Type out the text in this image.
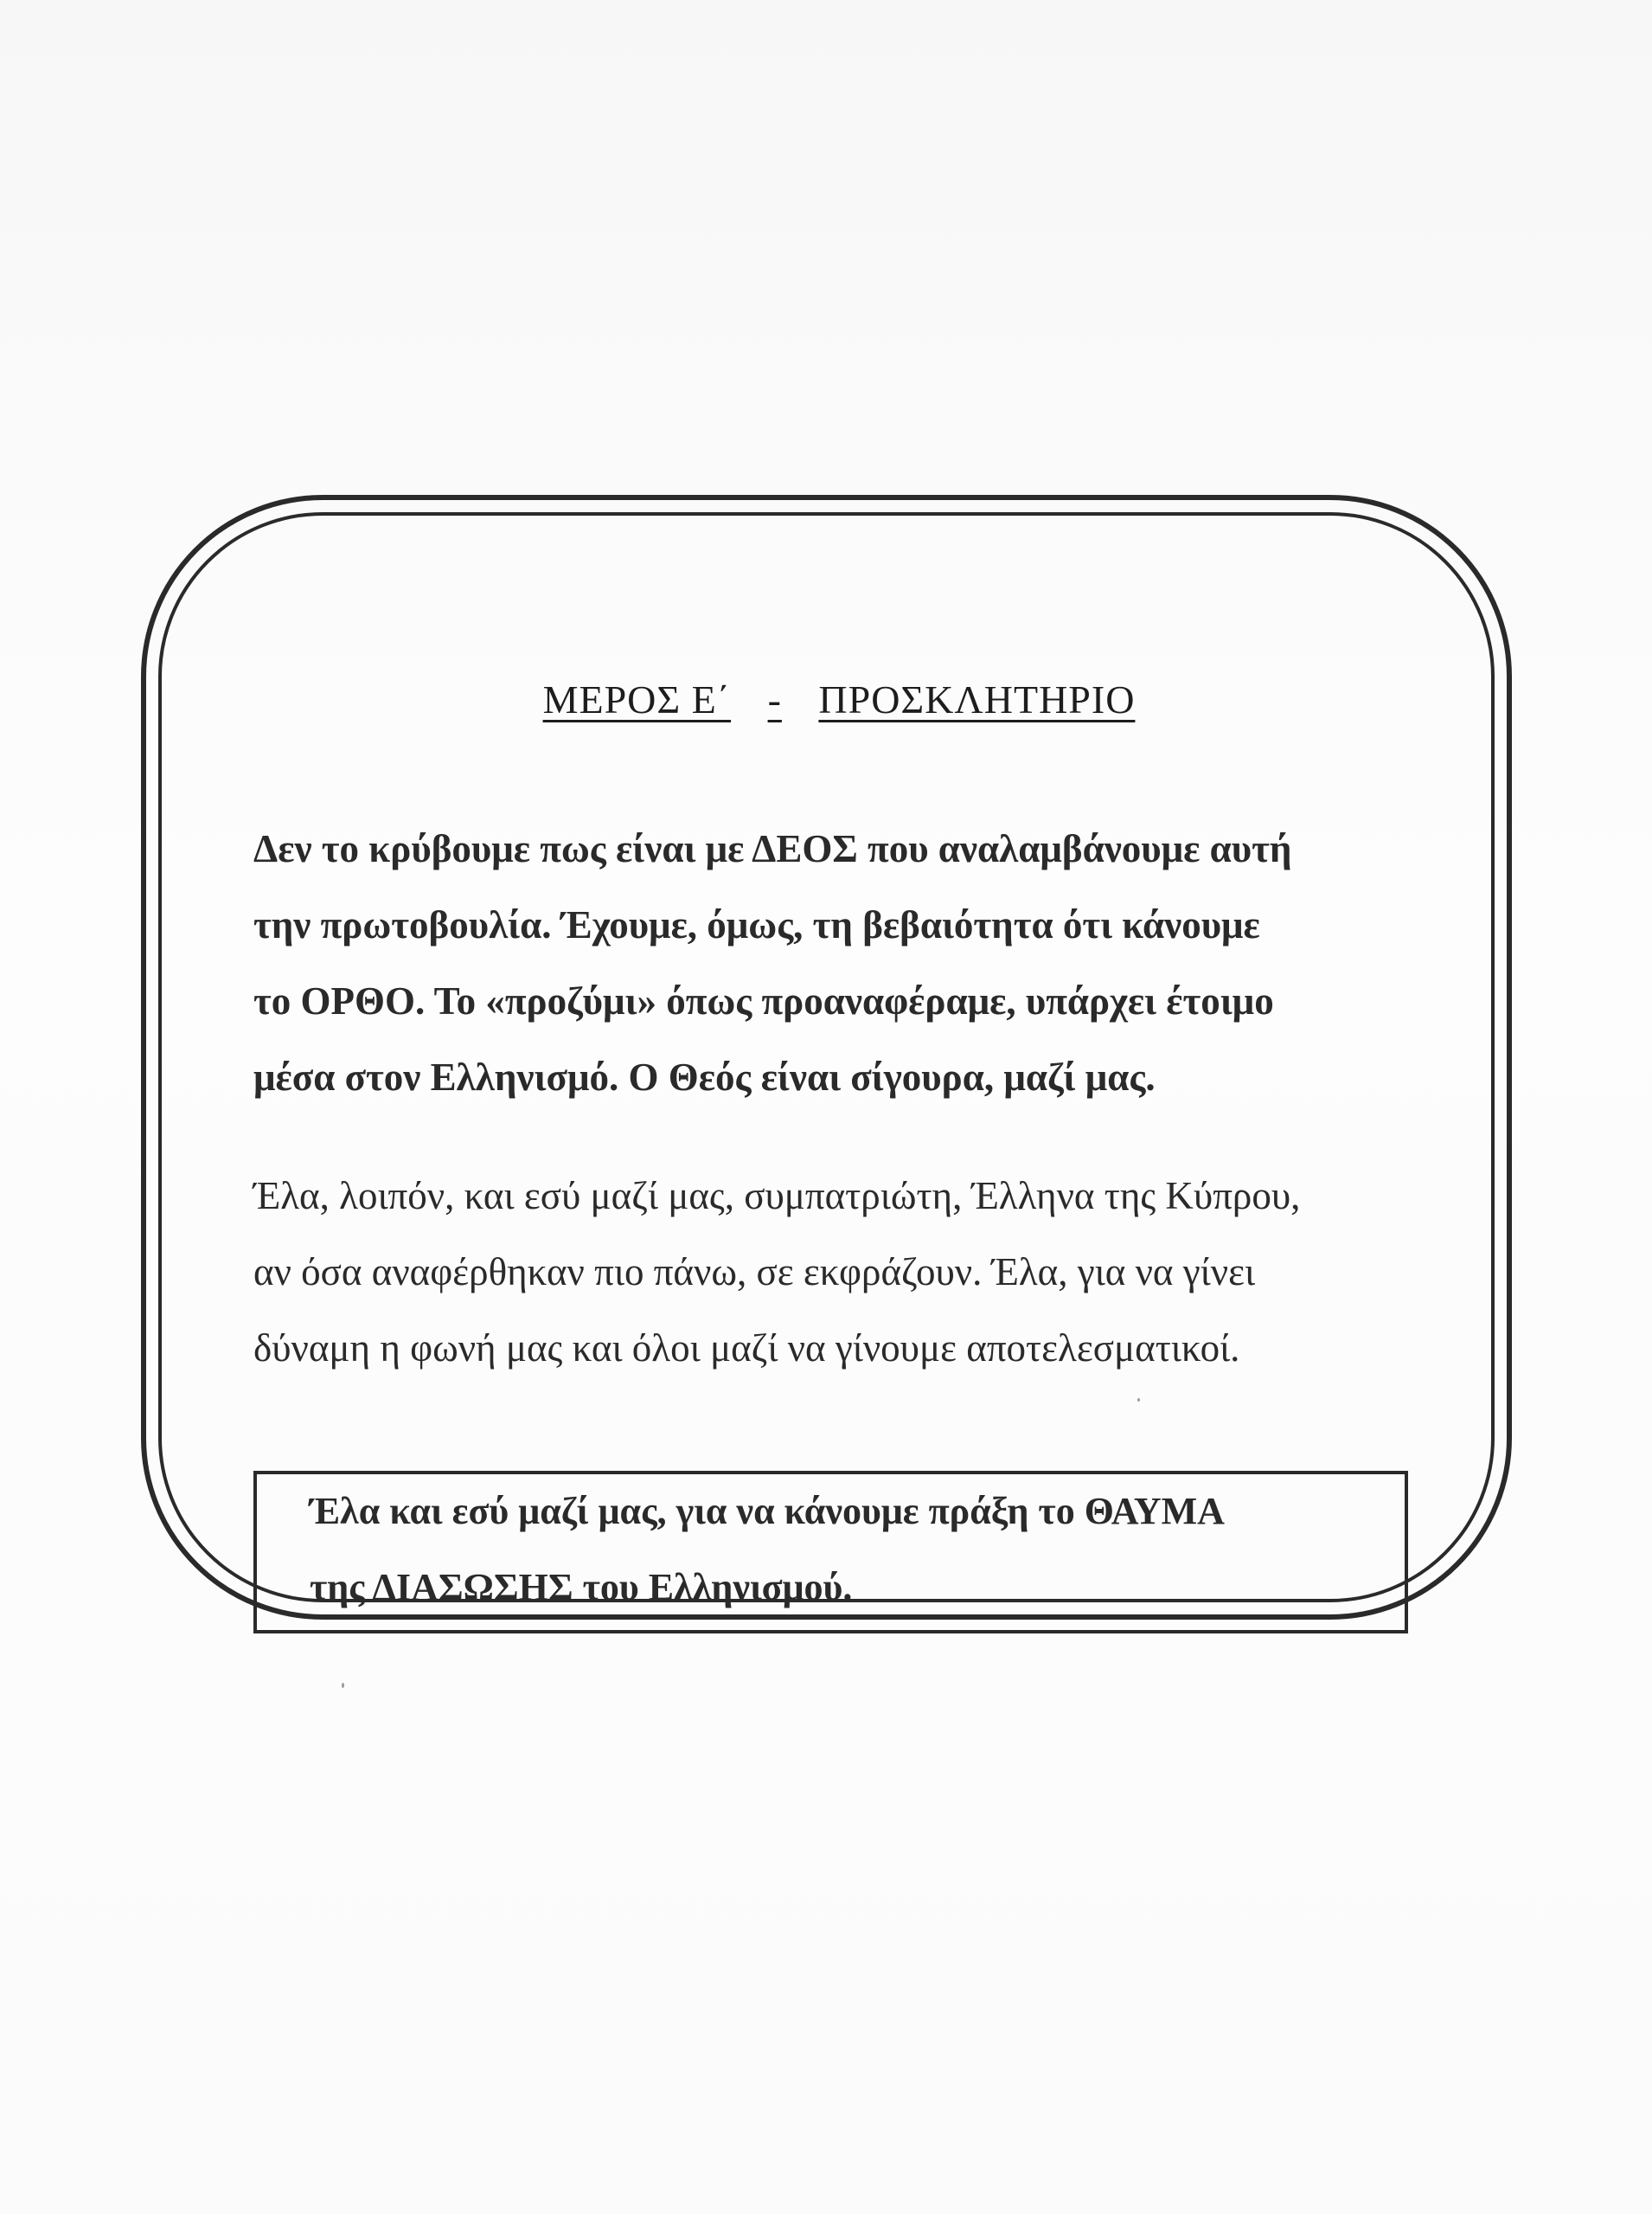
ΜΕΡΟΣ Ε΄ - ΠΡΟΣΚΛΗΤΗΡΙΟ
Δεν το κρύβουμε πως είναι με ΔΕΟΣ που αναλαμβάνουμε αυτή
την πρωτοβουλία. Έχουμε, όμως, τη βεβαιότητα ότι κάνουμε
το ΟΡΘΟ. Το «προζύμι» όπως προαναφέραμε, υπάρχει έτοιμο
μέσα στον Ελληνισμό. Ο Θεός είναι σίγουρα, μαζί μας.
Έλα, λοιπόν, και εσύ μαζί μας, συμπατριώτη, Έλληνα της Κύπρου,
αν όσα αναφέρθηκαν πιο πάνω, σε εκφράζουν. Έλα, για να γίνει
δύναμη η φωνή μας και όλοι μαζί να γίνουμε αποτελεσματικοί.
Έλα και εσύ μαζί μας, για να κάνουμε πράξη το ΘΑΥΜΑ
της ΔΙΑΣΩΣΗΣ του Ελληνισμού.
